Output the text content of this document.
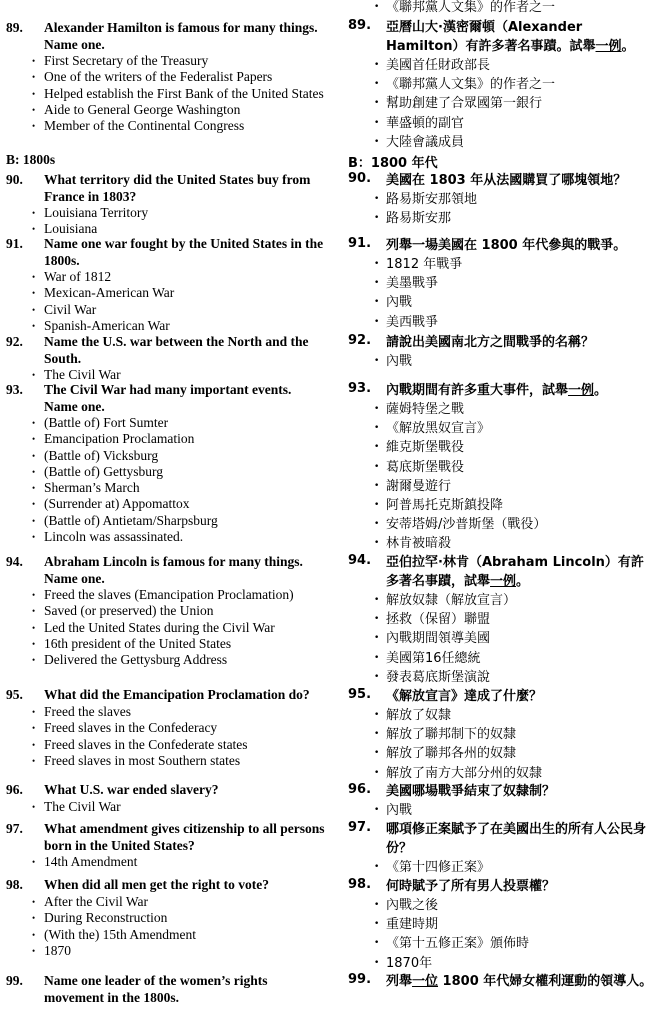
89. Alexander Hamilton is famous for many things. Name one.
• First Secretary of the Treasury
• One of the writers of the Federalist Papers
• Helped establish the First Bank of the United States
• Aide to General George Washington
• Member of the Continental Congress
B: 1800s
90. What territory did the United States buy from France in 1803?
• Louisiana Territory
• Louisiana
91. Name one war fought by the United States in the 1800s.
• War of 1812
• Mexican-American War
• Civil War
• Spanish-American War
92. Name the U.S. war between the North and the South.
• The Civil War
93. The Civil War had many important events. Name one.
• (Battle of) Fort Sumter
• Emancipation Proclamation
• (Battle of) Vicksburg
• (Battle of) Gettysburg
• Sherman’s March
• (Surrender at) Appomattox
• (Battle of) Antietam/Sharpsburg
• Lincoln was assassinated.
94. Abraham Lincoln is famous for many things. Name one.
• Freed the slaves (Emancipation Proclamation)
• Saved (or preserved) the Union
• Led the United States during the Civil War
• 16th president of the United States
• Delivered the Gettysburg Address
95. What did the Emancipation Proclamation do?
• Freed the slaves
• Freed slaves in the Confederacy
• Freed slaves in the Confederate states
• Freed slaves in most Southern states
96. What U.S. war ended slavery?
• The Civil War
97. What amendment gives citizenship to all persons born in the United States?
• 14th Amendment
98. When did all men get the right to vote?
• After the Civil War
• During Reconstruction
• (With the) 15th Amendment
• 1870
99. Name one leader of the women’s rights movement in the 1800s.
• 《聯邦黨人文集》的作者之一
89. 亞曆山大·漢密爾頓（Alexander Hamilton）有許多著名事蹟。試舉一例。
• 美國首任財政部長
• 《聯邦黨人文集》的作者之一
• 幫助創建了合眾國第一銀行
• 華盛頓的副官
• 大陸會議成員
B：1800 年代
90. 美國在 1803 年从法國購買了哪塊領地？
• 路易斯安那領地
• 路易斯安那
91. 列舉一場美國在 1800 年代參與的戰爭。
• 1812 年戰爭
• 美墨戰爭
• 內戰
• 美西戰爭
92. 請說出美國南北方之間戰爭的名稱？
• 內戰
93. 內戰期間有許多重大事件，試舉一例。
• 薩姆特堡之戰
• 《解放黑奴宣言》
• 維克斯堡戰役
• 葛底斯堡戰役
• 謝爾曼遊行
• 阿普馬托克斯鎮投降
• 安蒂塔姆/沙普斯堡（戰役）
• 林肯被暗殺
94. 亞伯拉罕·林肯（Abraham Lincoln）有許多著名事蹟，試舉一例。
• 解放奴隸（解放宣言）
• 拯救（保留）聯盟
• 內戰期間領導美國
• 美國第16任總統
• 發表葛底斯堡演說
95. 《解放宣言》達成了什麼？
• 解放了奴隸
• 解放了聯邦制下的奴隸
• 解放了聯邦各州的奴隸
• 解放了南方大部分州的奴隸
96. 美國哪場戰爭結束了奴隸制？
• 內戰
97. 哪項修正案賦予了在美國出生的所有人公民身份？
• 《第十四修正案》
98. 何時賦予了所有男人投票權？
• 內戰之後
• 重建時期
• 《第十五修正案》頒佈時
• 1870年
99. 列舉一位 1800 年代婦女權利運動的領導人。
